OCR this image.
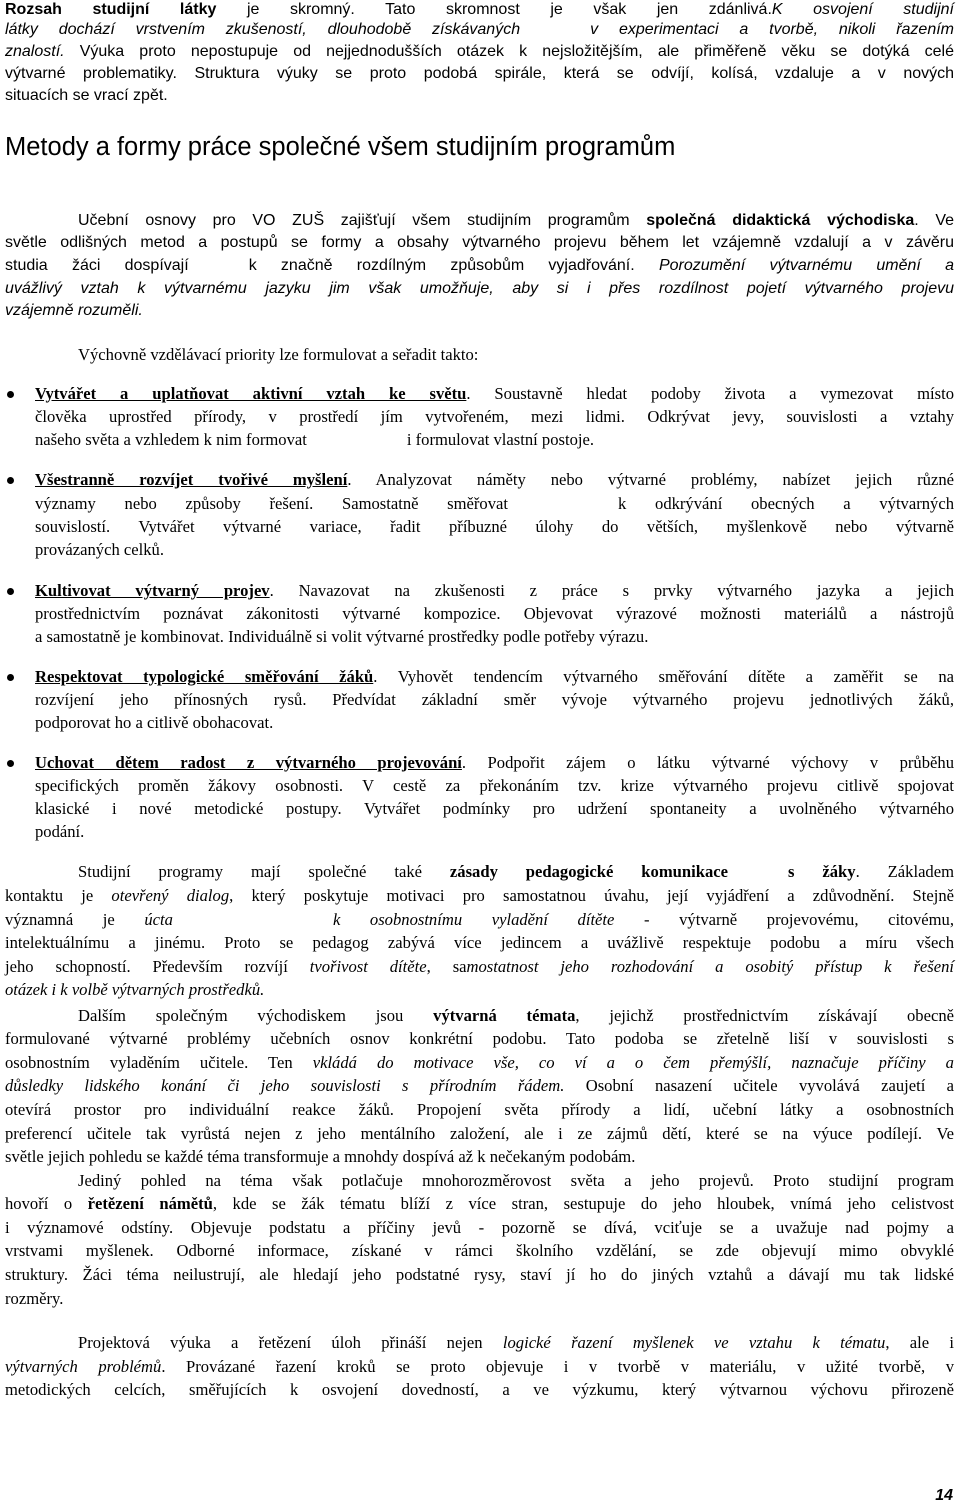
Rozsah studijní látky je skromný. Tato skromnost je však jen zdánlivá.K osvojení studijní
látky dochází vrstvením zkušeností, dlouhodobě získávaných	v experimentaci a tvorbě, nikoli řazením
znalostí. Výuka proto nepostupuje od nejjednodušších otázek k nejsložitějším, ale přiměřeně věku se dotýká celé
výtvarné problematiky. Struktura výuky se proto podobá spirále, která se odvíjí, kolísá, vzdaluje a v nových
situacích se vrací zpět.
Metody a formy práce společné všem studijním programům
Učební osnovy pro VO ZUŠ zajišťují všem studijním programům společná didaktická východiska. Ve
světle odlišných metod a postupů se formy a obsahy výtvarného projevu během let vzájemně vzdalují a v závěru
studia žáci dospívají	k značně rozdílným způsobům vyjadřování. Porozumění výtvarnému umění a
uvážlivý vztah k výtvarnému jazyku jim však umožňuje, aby si i přes rozdílnost pojetí výtvarného projevu
vzájemně rozuměli.
Výchovně vzdělávací priority lze formulovat a seřadit takto:
Vytvářet a uplatňovat aktivní vztah ke světu. Soustavně hledat podoby života a vymezovat místo
člověka uprostřed přírody, v prostředí jím vytvořeném, mezi lidmi. Odkrývat jevy, souvislosti a vztahy
našeho světa a vzhledem k nim formovat	i formulovat vlastní postoje.
Všestranně rozvíjet tvořivé myšlení. Analyzovat náměty nebo výtvarné problémy, nabízet jejich různé
významy nebo způsoby řešení. Samostatně směřovat	k odkrývání obecných a výtvarných
souvislostí. Vytvářet výtvarné variace, řadit příbuzné úlohy do větších, myšlenkově nebo výtvarně
provázaných celků.
Kultivovat výtvarný projev. Navazovat na zkušenosti z práce s prvky výtvarného jazyka a jejich
prostřednictvím poznávat zákonitosti výtvarné kompozice. Objevovat výrazové možnosti materiálů a nástrojů
a samostatně je kombinovat. Individuálně si volit výtvarné prostředky podle potřeby výrazu.
Respektovat typologické směřování žáků. Vyhovět tendencím výtvarného směřování dítěte a zaměřit se na
rozvíjení jeho přínosných rysů. Předvídat základní směr vývoje výtvarného projevu jednotlivých žáků,
podporovat ho a citlivě obohacovat.
Uchovat dětem radost z výtvarného projevování. Podpořit zájem o látku výtvarné výchovy v průběhu
specifických proměn žákovy osobnosti. V cestě za překonáním tzv. krize výtvarného projevu citlivě spojovat
klasické i nové metodické postupy. Vytvářet podmínky pro udržení spontaneity a uvolněného výtvarného
podání.
Studijní programy mají společné také zásady pedagogické komunikace	s žáky. Základem
kontaktu je otevřený dialog, který poskytuje motivaci pro samostatnou úvahu, její vyjádření a zdůvodnění. Stejně
významná je úcta	k osobnostnímu vyladění dítěte - výtvarně projevovému, citovému,
intelektuálnímu a jinému. Proto se pedagog zabývá více jedincem a uvážlivě respektuje podobu a míru všech
jeho schopností. Především rozvíjí tvořivost dítěte, samostatnost jeho rozhodování a osobitý přístup k řešení
otázek i k volbě výtvarných prostředků.
Dalším společným východiskem jsou výtvarná témata, jejichž prostřednictvím získávají obecně
formulované výtvarné problémy učebních osnov konkrétní podobu. Tato podoba se zřetelně liší v souvislosti s
osobnostním vyladěním učitele. Ten vkládá do motivace vše, co ví a o čem přemýšlí, naznačuje příčiny a
důsledky lidského konání či jeho souvislosti s přírodním řádem. Osobní nasazení učitele vyvolává zaujetí a
otevírá prostor pro individuální reakce žáků. Propojení světa přírody a lidí, učební látky a osobnostních
preferencí učitele tak vyrůstá nejen z jeho mentálního založení, ale i ze zájmů dětí, které se na výuce podílejí. Ve
světle jejich pohledu se každé téma transformuje a mnohdy dospívá až k nečekaným podobám.
Jediný pohled na téma však potlačuje mnohorozměrovost světa a jeho projevů. Proto studijní program
hovoří o řetězení námětů, kde se žák tématu blíží z více stran, sestupuje do jeho hloubek, vnímá jeho celistvost
i významové odstíny. Objevuje podstatu a příčiny jevů - pozorně se dívá, vciťuje se a uvažuje nad pojmy a
vrstvami myšlenek. Odborné informace, získané v rámci školního vzdělání, se zde objevují mimo obvyklé
struktury. Žáci téma neilustrují, ale hledají jeho podstatné rysy, staví jí ho do jiných vztahů a dávají mu tak lidské
rozměry.
Projektová výuka a řetězení úloh přináší nejen logické řazení myšlenek ve vztahu k tématu, ale i
výtvarných problémů. Provázané řazení kroků se proto objevuje i v tvorbě v materiálu, v užité tvorbě, v
metodických celcích, směřujících k osvojení dovedností, a ve výzkumu, který výtvarnou výchovu přirozeně
14
